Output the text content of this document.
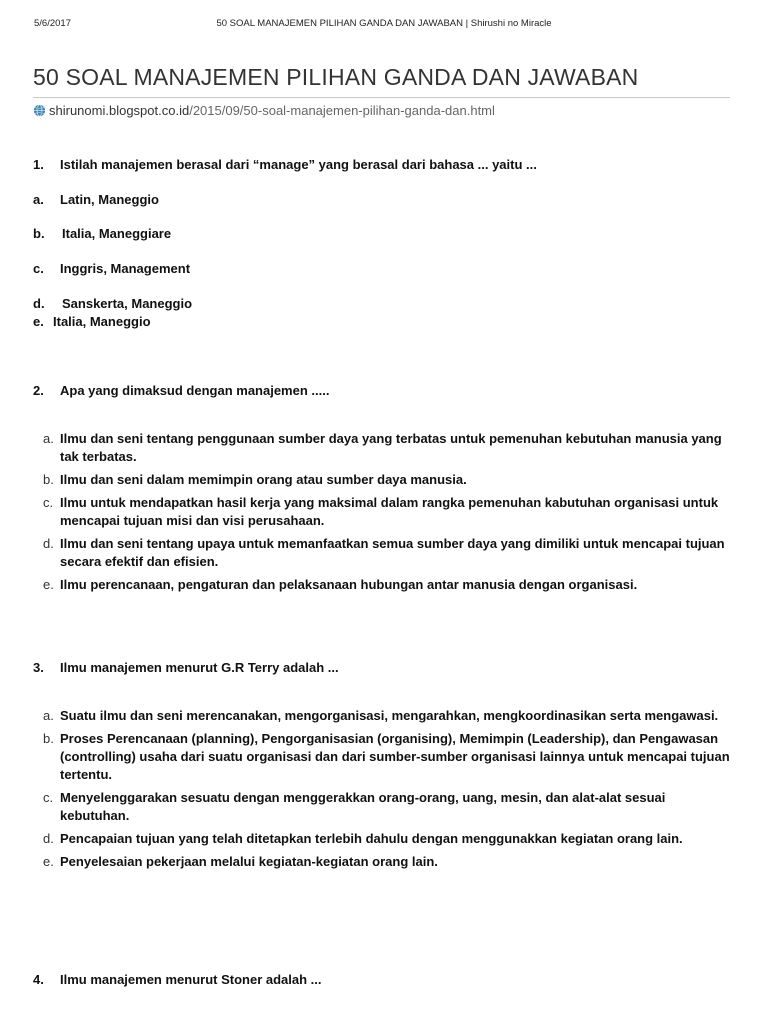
5/6/2017	50 SOAL MANAJEMEN PILIHAN GANDA DAN JAWABAN | Shirushi no Miracle
50 SOAL MANAJEMEN PILIHAN GANDA DAN JAWABAN
shirunomi.blogspot.co.id/2015/09/50-soal-manajemen-pilihan-ganda-dan.html
1. Istilah manajemen berasal dari “manage” yang berasal dari bahasa ... yaitu ...
a. Latin, Maneggio
b. Italia, Maneggiare
c. Inggris, Management
d. Sanskerta, Maneggio
e. Italia, Maneggio
2. Apa yang dimaksud dengan manajemen .....
a. Ilmu dan seni tentang penggunaan sumber daya yang terbatas untuk pemenuhan kebutuhan manusia yang tak terbatas.
b. Ilmu dan seni dalam memimpin orang atau sumber daya manusia.
c. Ilmu untuk mendapatkan hasil kerja yang maksimal dalam rangka pemenuhan kabutuhan organisasi untuk mencapai tujuan misi dan visi perusahaan.
d. Ilmu dan seni tentang upaya untuk memanfaatkan semua sumber daya yang dimiliki untuk mencapai tujuan secara efektif dan efisien.
e. Ilmu perencanaan, pengaturan dan pelaksanaan hubungan antar manusia dengan organisasi.
3. Ilmu manajemen menurut G.R Terry adalah ...
a. Suatu ilmu dan seni merencanakan, mengorganisasi, mengarahkan, mengkoordinasikan serta mengawasi.
b. Proses Perencanaan (planning), Pengorganisasian (organising), Memimpin (Leadership), dan Pengawasan (controlling) usaha dari suatu organisasi dan dari sumber-sumber organisasi lainnya untuk mencapai tujuan tertentu.
c. Menyelenggarakan sesuatu dengan menggerakkan orang-orang, uang, mesin, dan alat-alat sesuai kebutuhan.
d. Pencapaian tujuan yang telah ditetapkan terlebih dahulu dengan menggunakkan kegiatan orang lain.
e. Penyelesaian pekerjaan melalui kegiatan-kegiatan orang lain.
4. Ilmu manajemen menurut Stoner adalah ...
